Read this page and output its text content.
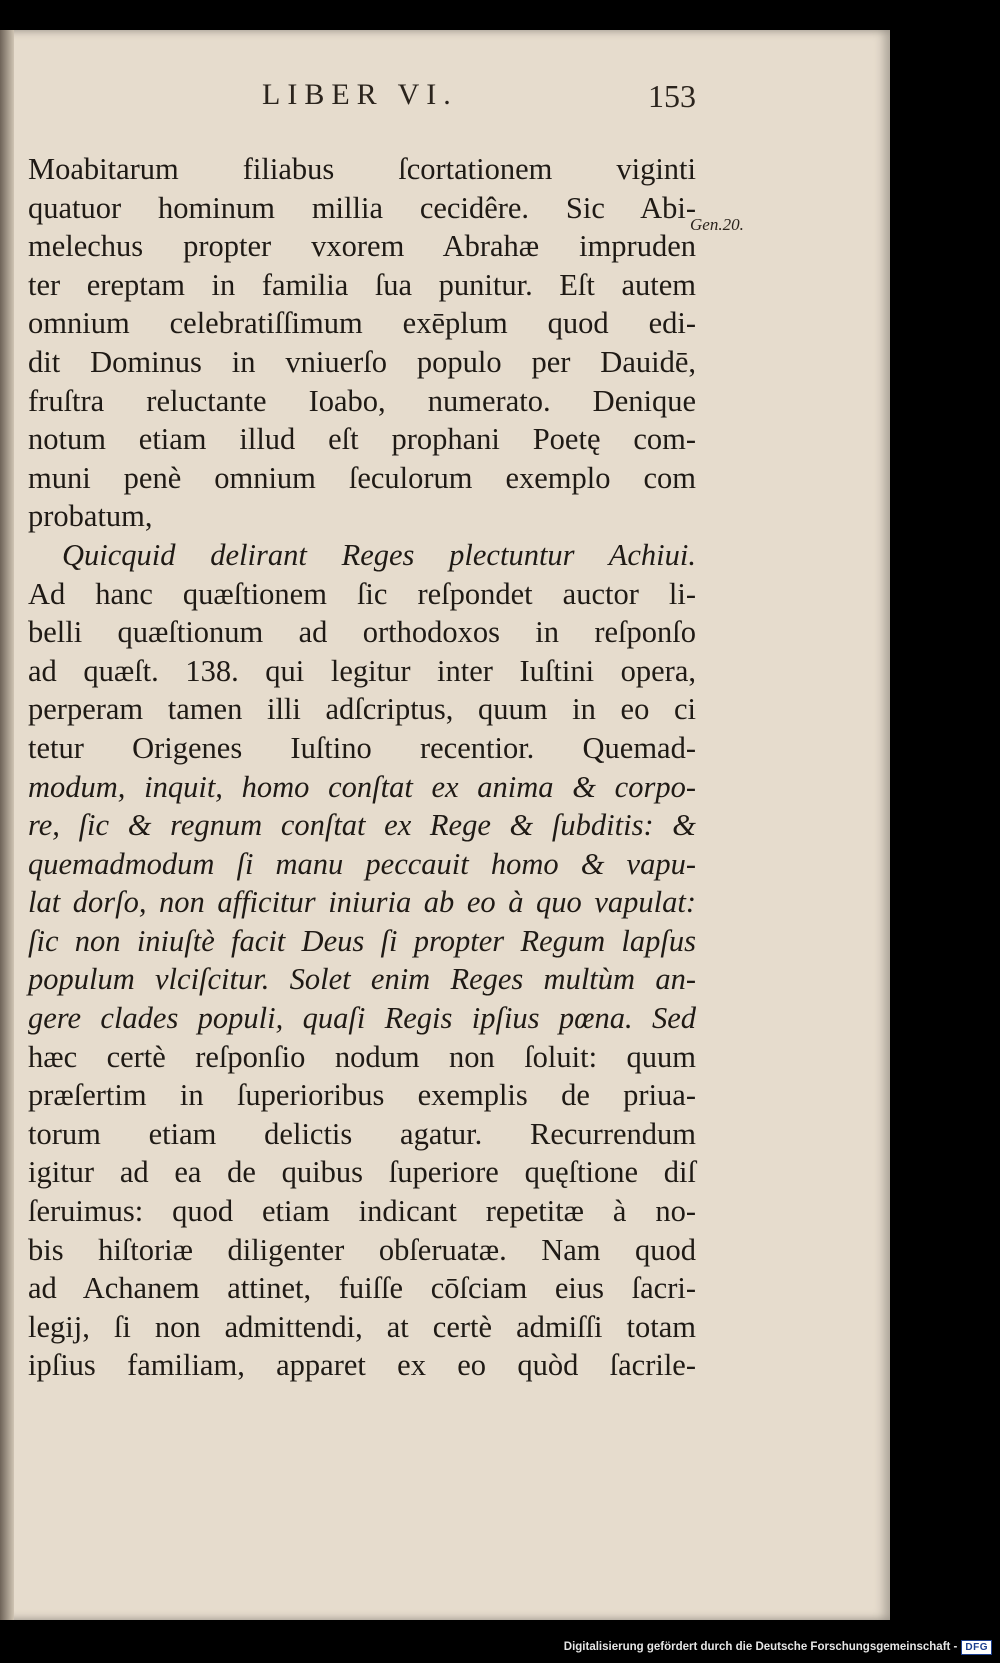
LIBER VI.	153
Gen.20.
Moabitarum filiabus ſcortationem viginti
quatuor hominum millia cecidêre. Sic Abi-
melechus propter vxorem Abrahæ impruden
ter ereptam in familia ſua punitur. Eſt autem
omnium celebratiſſimum exēplum quod edi-
dit Dominus in vniuerſo populo per Dauidē,
fruſtra reluctante Ioabo, numerato. Denique
notum etiam illud eſt prophani Poetę com-
muni penè omnium ſeculorum exemplo com
probatum,
Quicquid delirant Reges plectuntur Achiui.
Ad hanc quæſtionem ſic reſpondet auctor li-
belli quæſtionum ad orthodoxos in reſponſo
ad quæſt. 138. qui legitur inter Iuſtini opera,
perperam tamen illi adſcriptus, quum in eo ci
tetur Origenes Iuſtino recentior. Quemad-
modum, inquit, homo conſtat ex anima & corpo-
re, ſic & regnum conſtat ex Rege & ſubditis: &
quemadmodum ſi manu peccauit homo & vapu-
lat dorſo, non afficitur iniuria ab eo à quo vapulat:
ſic non iniuſtè facit Deus ſi propter Regum lapſus
populum vlciſcitur. Solet enim Reges multùm an-
gere clades populi, quaſi Regis ipſius pœna. Sed
hæc certè reſponſio nodum non ſoluit: quum
præſertim in ſuperioribus exemplis de priua-
torum etiam delictis agatur. Recurrendum
igitur ad ea de quibus ſuperiore quęſtione diſ
ſeruimus: quod etiam indicant repetitæ à no-
bis hiſtoriæ diligenter obſeruatæ. Nam quod
ad Achanem attinet, fuiſſe cōſciam eius ſacri-
legij, ſi non admittendi, at certè admiſſi totam
ipſius familiam, apparet ex eo quòd ſacrile-
Digitalisierung gefördert durch die Deutsche Forschungsgemeinschaft - DFG
